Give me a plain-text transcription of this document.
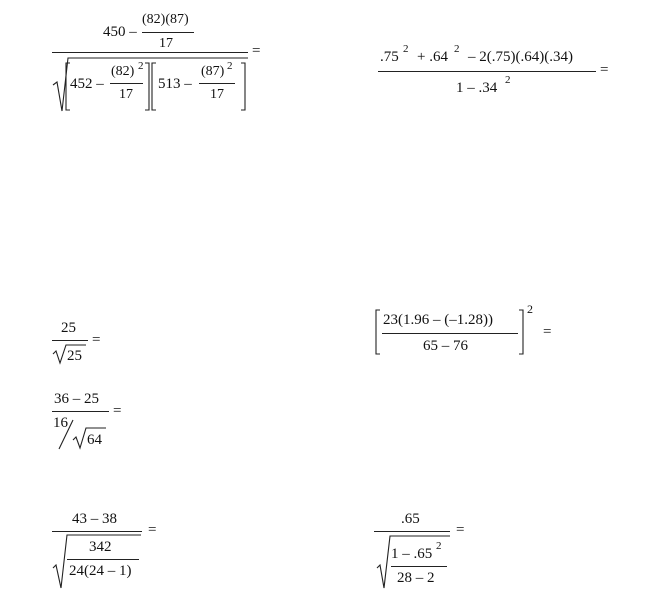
450 –
(82)(87)
17	=
452 –
(82) 2
17
513 –
(87) 2
17
.75 2 + .64 2 – 2(.75)(.64)(.34)
=
1 – .34 2
25
=
25
23(1.96 – (–1.28))
65 – 76
2
=
36 – 25
=
16
64
43 – 38
=
342
24(24 – 1)
.65
=
1 – .65 2
28 – 2
